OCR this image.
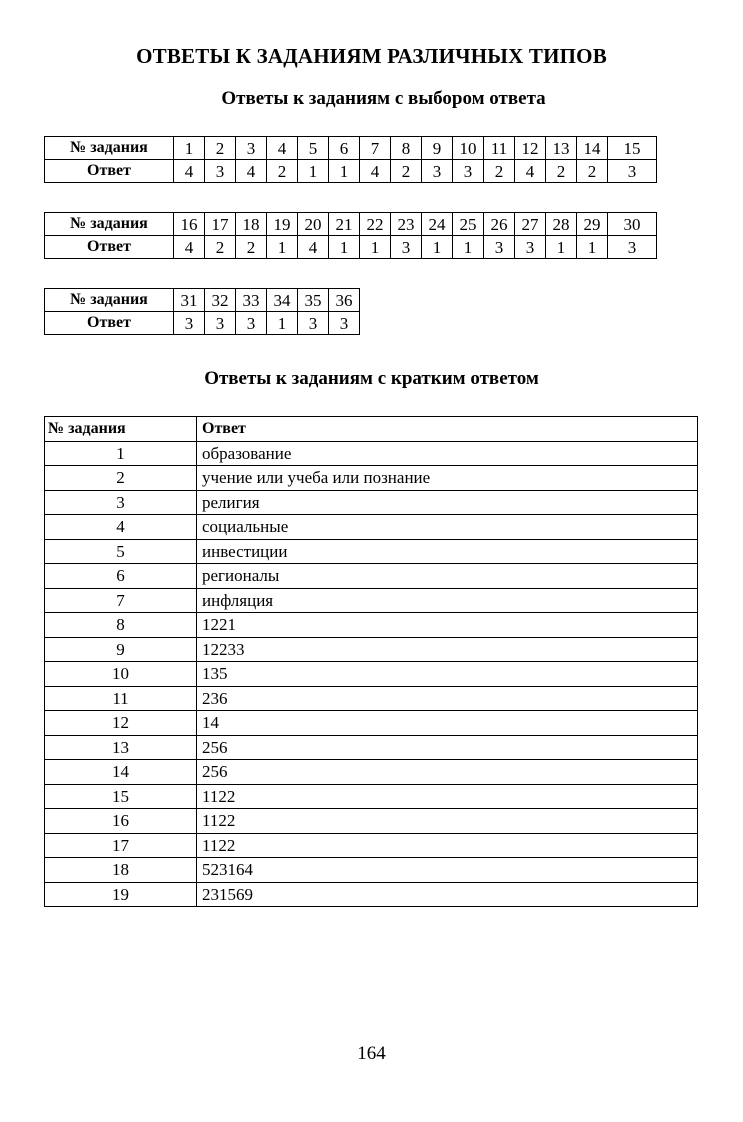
ОТВЕТЫ К ЗАДАНИЯМ РАЗЛИЧНЫХ ТИПОВ
Ответы к заданиям с выбором ответа
№ задания	1	2	3	4	5	6	7	8	9	10	11	12	13	14	15
Ответ	4	3	4	2	1	1	4	2	3	3	2	4	2	2	3
№ задания	16	17	18	19	20	21	22	23	24	25	26	27	28	29	30
Ответ	4	2	2	1	4	1	1	3	1	1	3	3	1	1	3
№ задания	31	32	33	34	35	36
Ответ	3	3	3	1	3	3
Ответы к заданиям с кратким ответом
№ задания	Ответ
1	образование
2	учение или учеба или познание
3	религия
4	социальные
5	инвестиции
6	регионалы
7	инфляция
8	1221
9	12233
10	135
11	236
12	14
13	256
14	256
15	1122
16	1122
17	1122
18	523164
19	231569
164
